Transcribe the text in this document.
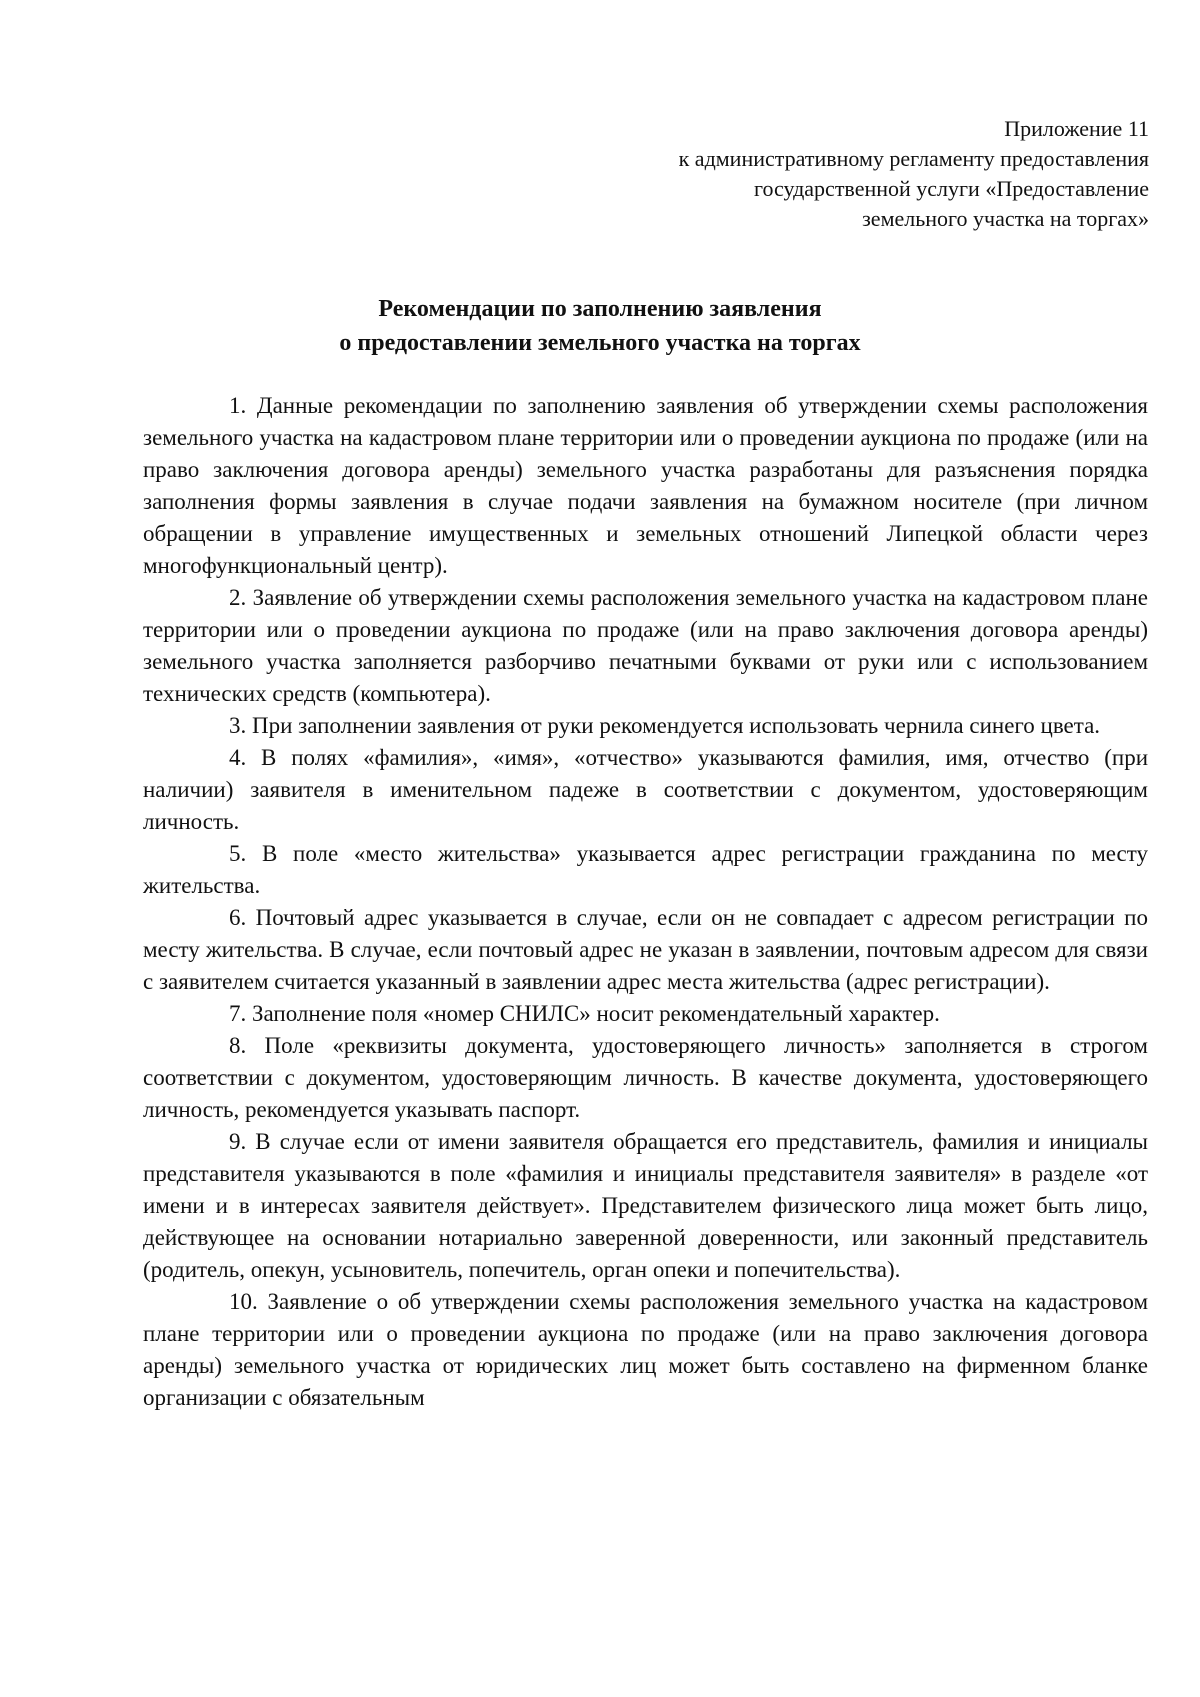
Приложение 11
к административному регламенту предоставления
государственной услуги «Предоставление
земельного участка на торгах»
Рекомендации по заполнению заявления
о предоставлении земельного участка на торгах

1. Данные рекомендации по заполнению заявления об утверждении схемы расположения земельного участка на кадастровом плане территории или о проведении аукциона по продаже (или на право заключения договора аренды) земельного участка разработаны для разъяснения порядка заполнения формы заявления в случае подачи заявления на бумажном носителе (при личном обращении в управление имущественных и земельных отношений Липецкой области через многофункциональный центр).

2. Заявление об утверждении схемы расположения земельного участка на кадастровом плане территории или о проведении аукциона по продаже (или на право заключения договора аренды) земельного участка заполняется разборчиво печатными буквами от руки или с использованием технических средств (компьютера).

3. При заполнении заявления от руки рекомендуется использовать чернила синего цвета.

4. В полях «фамилия», «имя», «отчество» указываются фамилия, имя, отчество (при наличии) заявителя в именительном падеже в соответствии с документом, удостоверяющим личность.

5. В поле «место жительства» указывается адрес регистрации гражданина по месту жительства.

6. Почтовый адрес указывается в случае, если он не совпадает с адресом регистрации по месту жительства. В случае, если почтовый адрес не указан в заявлении, почтовым адресом для связи с заявителем считается указанный в заявлении адрес места жительства (адрес регистрации).

7. Заполнение поля «номер СНИЛС» носит рекомендательный характер.

8. Поле «реквизиты документа, удостоверяющего личность» заполняется в строгом соответствии с документом, удостоверяющим личность. В качестве документа, удостоверяющего личность, рекомендуется указывать паспорт.

9. В случае если от имени заявителя обращается его представитель, фамилия и инициалы представителя указываются в поле «фамилия и инициалы представителя заявителя» в разделе «от имени и в интересах заявителя действует». Представителем физического лица может быть лицо, действующее на основании нотариально заверенной доверенности, или законный представитель (родитель, опекун, усыновитель, попечитель, орган опеки и попечительства).

10. Заявление о об утверждении схемы расположения земельного участка на кадастровом плане территории или о проведении аукциона по продаже (или на право заключения договора аренды) земельного участка от юридических лиц может быть составлено на фирменном бланке организации с обязательным
